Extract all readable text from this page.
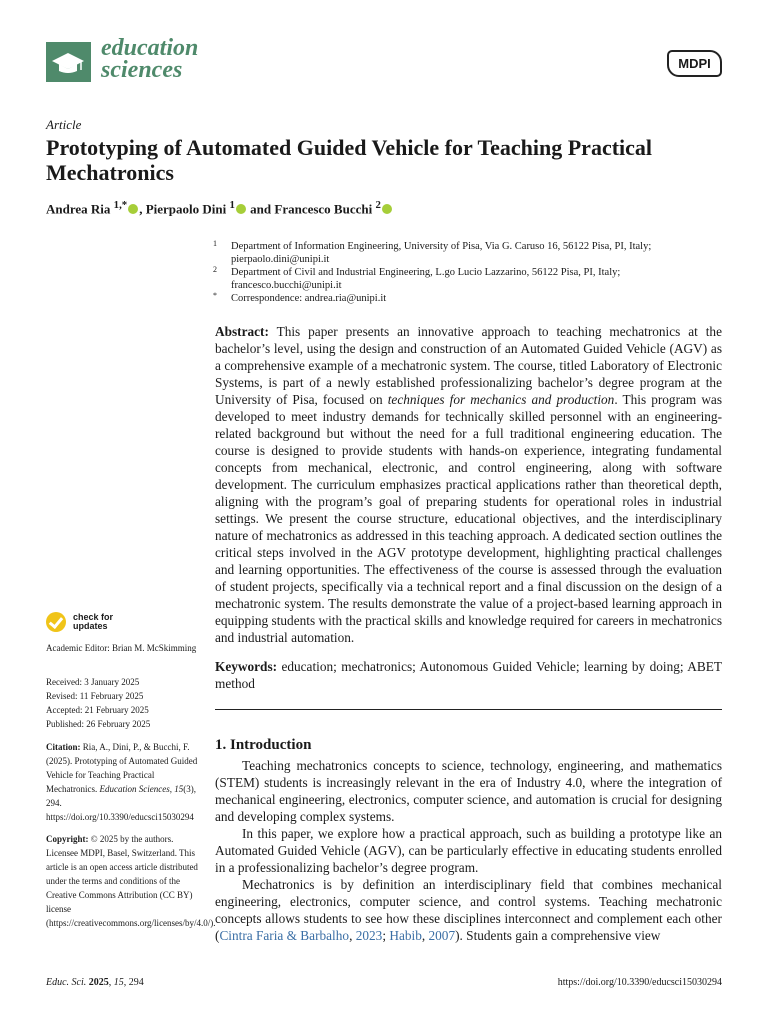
education
sciences	MDPI
Article
Prototyping of Automated Guided Vehicle for Teaching Practical Mechatronics
Andrea Ria $^{1,*}$ , Pierpaolo Dini $^1$ and Francesco Bucchi $^2$
1 Department of Information Engineering, University of Pisa, Via G. Caruso 16, 56122 Pisa, PI, Italy; pierpaolo.dini@unipi.it
2 Department of Civil and Industrial Engineering, L.go Lucio Lazzarino, 56122 Pisa, PI, Italy; francesco.bucchi@unipi.it
* Correspondence: andrea.ria@unipi.it
Abstract: This paper presents an innovative approach to teaching mechatronics at the bachelor’s level, using the design and construction of an Automated Guided Vehicle (AGV) as a comprehensive example of a mechatronic system. The course, titled Laboratory of Electronic Systems, is part of a newly established professionalizing bachelor’s degree program at the University of Pisa, focused on techniques for mechanics and production. This program was developed to meet industry demands for technically skilled personnel with an engineering-related background but without the need for a full traditional engineering education. The course is designed to provide students with hands-on experience, integrating fundamental concepts from mechanical, electronic, and control engineering, along with software development. The curriculum emphasizes practical applications rather than theoretical depth, aligning with the program’s goal of preparing students for operational roles in industrial settings. We present the course structure, educational objectives, and the interdisciplinary nature of mechatronics as addressed in this teaching approach. A dedicated section outlines the critical steps involved in the AGV prototype development, highlighting practical challenges and learning opportunities. The effectiveness of the course is assessed through the evaluation of student projects, specifically via a technical report and a final discussion on the design of a mechatronic system. The results demonstrate the value of a project-based learning approach in equipping students with the practical skills and knowledge required for careers in mechatronics and industrial automation.
Keywords: education; mechatronics; Autonomous Guided Vehicle; learning by doing; ABET method
1. Introduction

Teaching mechatronics concepts to science, technology, engineering, and mathematics (STEM) students is increasingly relevant in the era of Industry 4.0, where the integration of mechanical engineering, electronics, computer science, and automation is crucial for designing and developing complex systems.

In this paper, we explore how a practical approach, such as building a prototype like an Automated Guided Vehicle (AGV), can be particularly effective in educating students enrolled in a professionalizing bachelor’s degree program.

Mechatronics is by definition an interdisciplinary field that combines mechanical engineering, electronics, computer science, and control systems. Teaching mechatronic concepts allows students to see how these disciplines interconnect and complement each other (Cintra Faria & Barbalho, 2023; Habib, 2007). Students gain a comprehensive view

check for
updates
Academic Editor: Brian M. McSkimming

Received: 3 January 2025

Revised: 11 February 2025

Accepted: 21 February 2025

Published: 26 February 2025

Citation: Ria, A., Dini, P., & Bucchi, F. (2025). Prototyping of Automated Guided Vehicle for Teaching Practical Mechatronics. Education Sciences, 15(3), 294. https://doi.org/10.3390/educsci15030294
Copyright: © 2025 by the authors. Licensee MDPI, Basel, Switzerland. This article is an open access article distributed under the terms and conditions of the Creative Commons Attribution (CC BY) license (https://creativecommons.org/licenses/by/4.0/).
Educ. Sci. 2025, 15, 294	https://doi.org/10.3390/educsci15030294
